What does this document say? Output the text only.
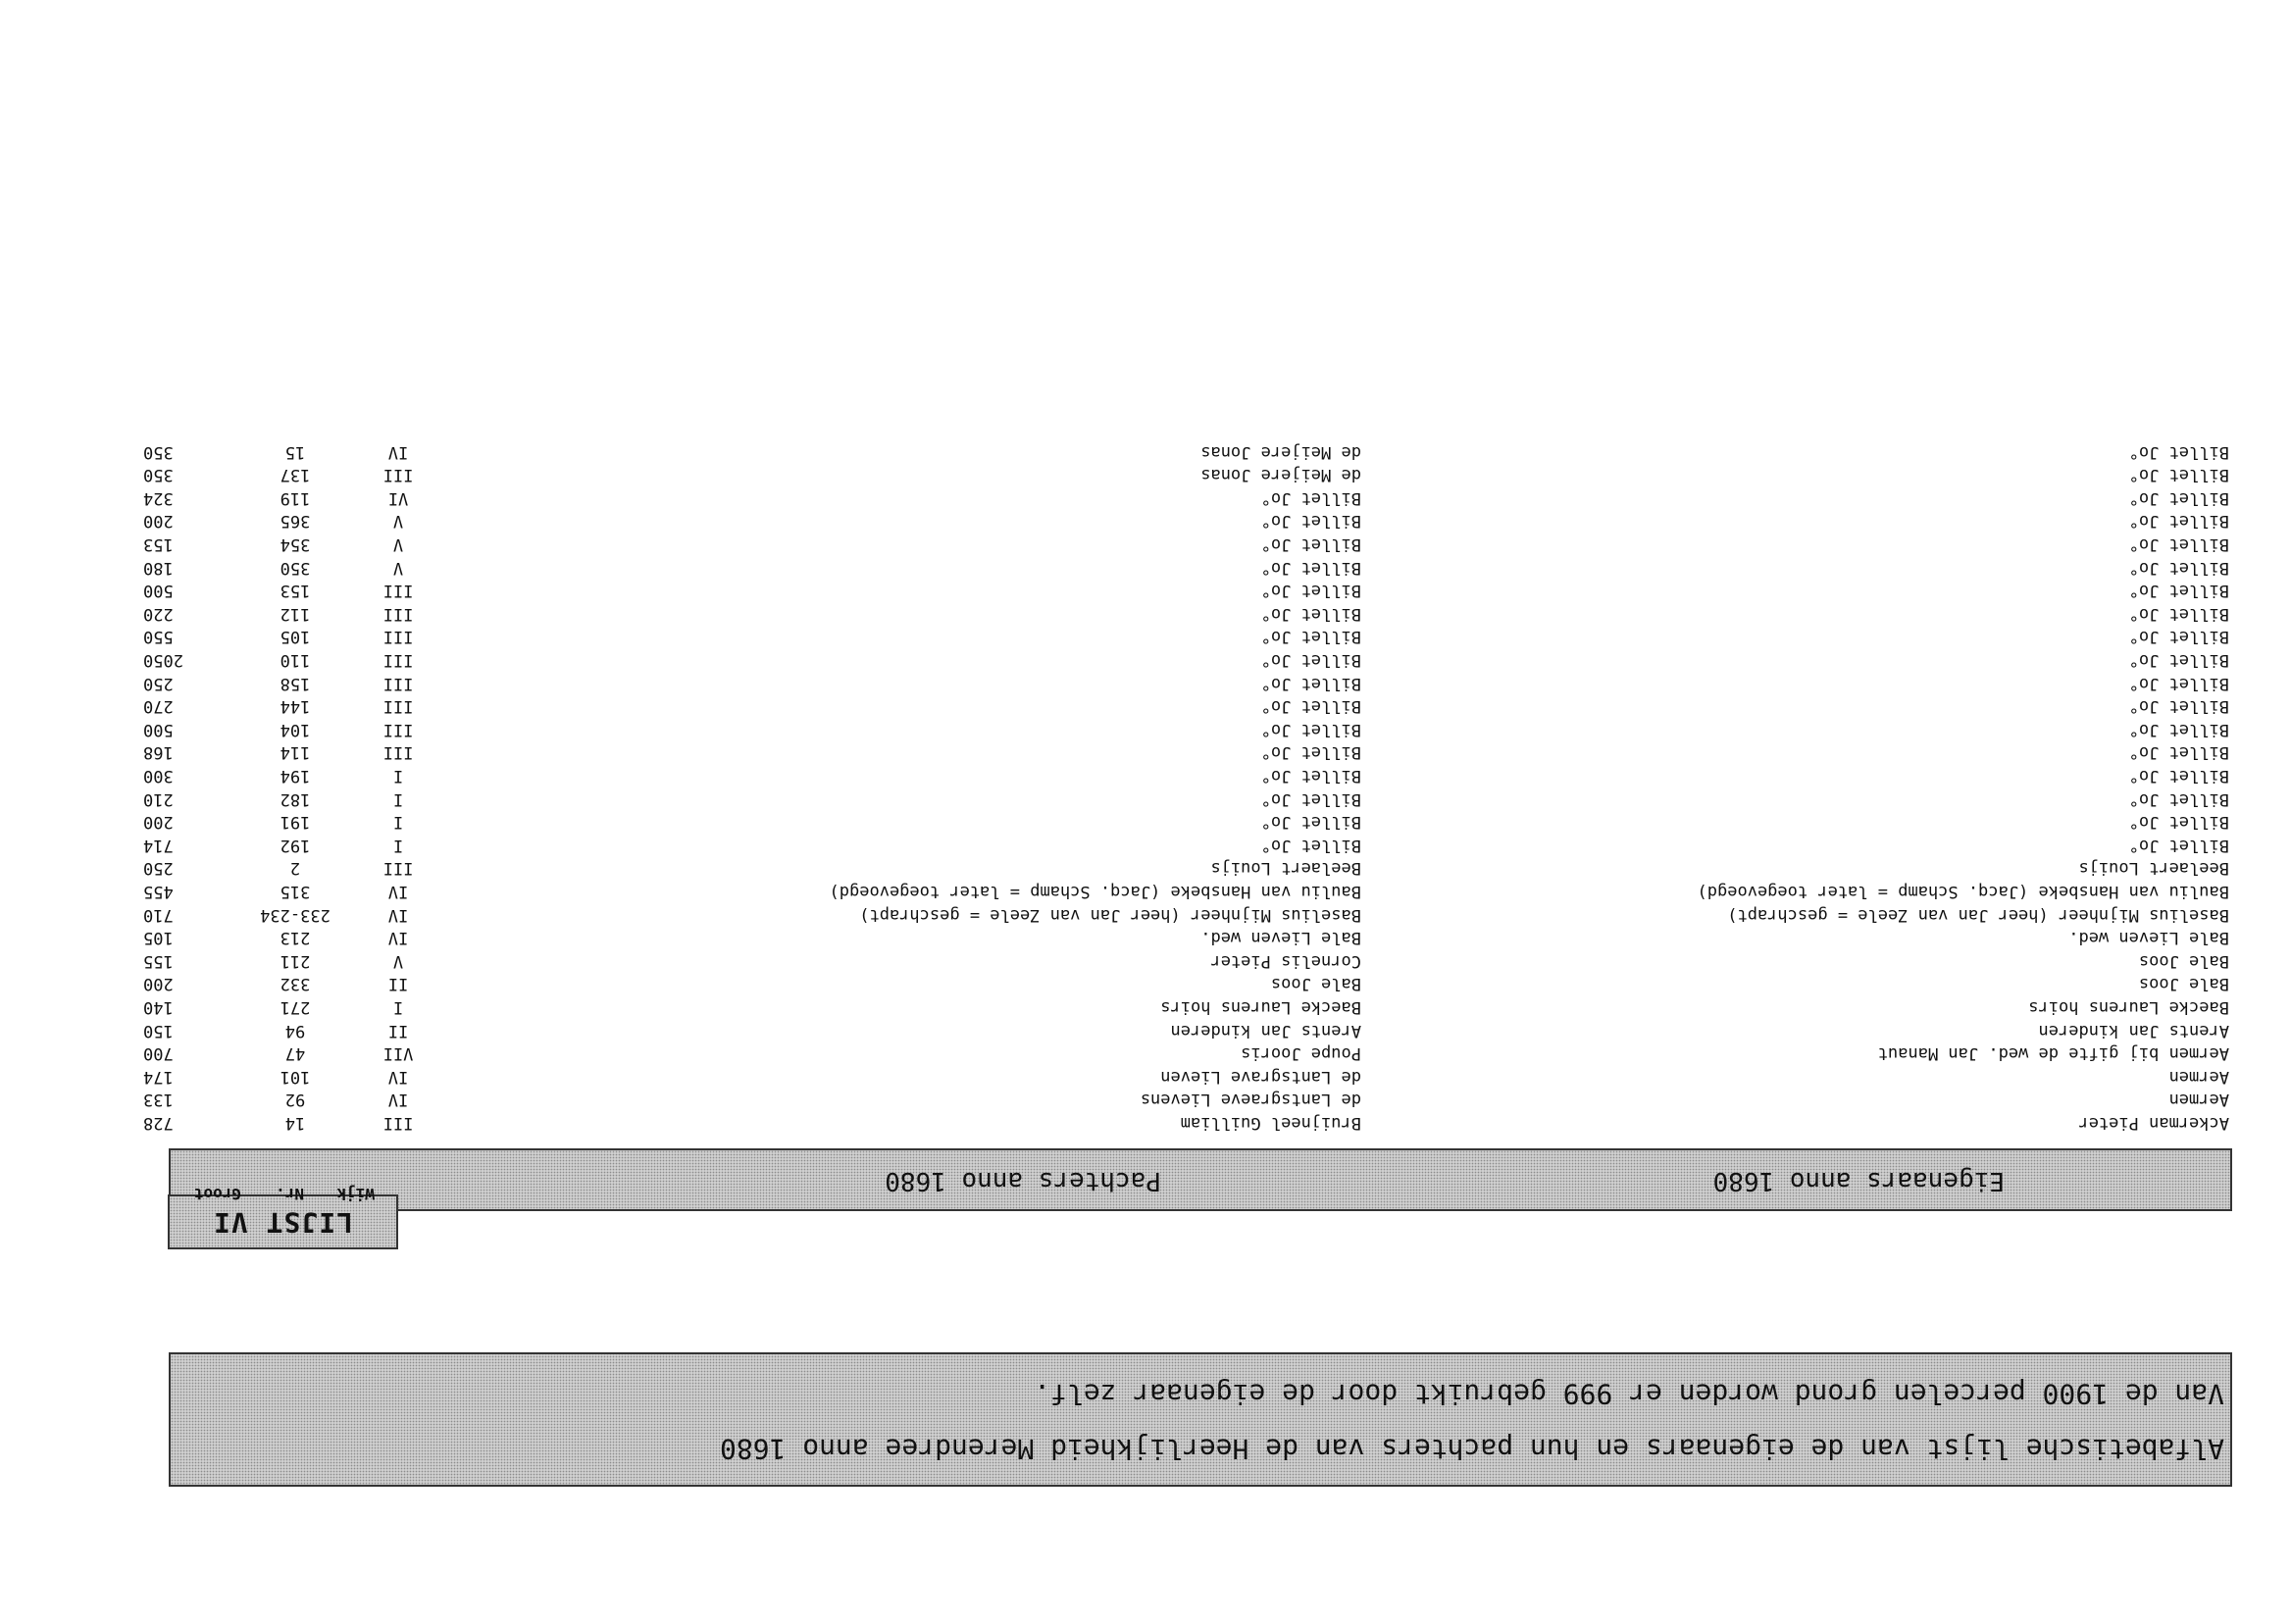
Alfabetische lijst van de eigenaars en hun pachters van de Heerlijkheid Merendree anno 1680
Van de 1900 percelen grond worden er 999 gebruikt door de eigenaar zelf.
Eigenaars anno 1680
Pachters anno 1680
LIJST VI
Wijk
Nr.
Groot
Ackerman Pieter
Bruijneel Guilliam
III
14
728
Aermen
de Lantsgraeve Lievens
IV
92
133
Aermen
de Lantsgrave Lieven
IV
101
174
Aermen bij gifte de wed. Jan Manaut
Poupe Jooris
VII
47
700
Arents Jan kinderen
Arents Jan kinderen
II
94
150
Baecke Laurens hoirs
Baecke Laurens hoirs
I
271
140
Bale Joos
Bale Joos
II
332
200
Bale Joos
Cornelis Pieter
V
211
155
Bale Lieven wed.
Bale Lieven wed.
IV
213
105
Baselius Mijnheer (heer Jan van Zeele = geschrapt)
Baselius Mijnheer (heer Jan van Zeele = geschrapt)
IV
233-234
710
Bauliu van Hansbeke (Jacq. Schamp = later toegevoegd)
Bauliu van Hansbeke (Jacq. Schamp = later toegevoegd)
IV
315
455
Beelaert Louijs
Beelaert Louijs
III
2
250
Billet Jo°
Billet Jo°
I
192
714
Billet Jo°
Billet Jo°
I
191
200
Billet Jo°
Billet Jo°
I
182
210
Billet Jo°
Billet Jo°
I
194
300
Billet Jo°
Billet Jo°
III
114
168
Billet Jo°
Billet Jo°
III
104
500
Billet Jo°
Billet Jo°
III
144
270
Billet Jo°
Billet Jo°
III
158
250
Billet Jo°
Billet Jo°
III
110
2050
Billet Jo°
Billet Jo°
III
105
550
Billet Jo°
Billet Jo°
III
112
220
Billet Jo°
Billet Jo°
III
153
500
Billet Jo°
Billet Jo°
V
350
180
Billet Jo°
Billet Jo°
V
354
153
Billet Jo°
Billet Jo°
V
365
200
Billet Jo°
Billet Jo°
VI
119
324
Billet Jo°
de Meijere Jonas
III
137
350
Billet Jo°
de Meijere Jonas
IV
15
350
